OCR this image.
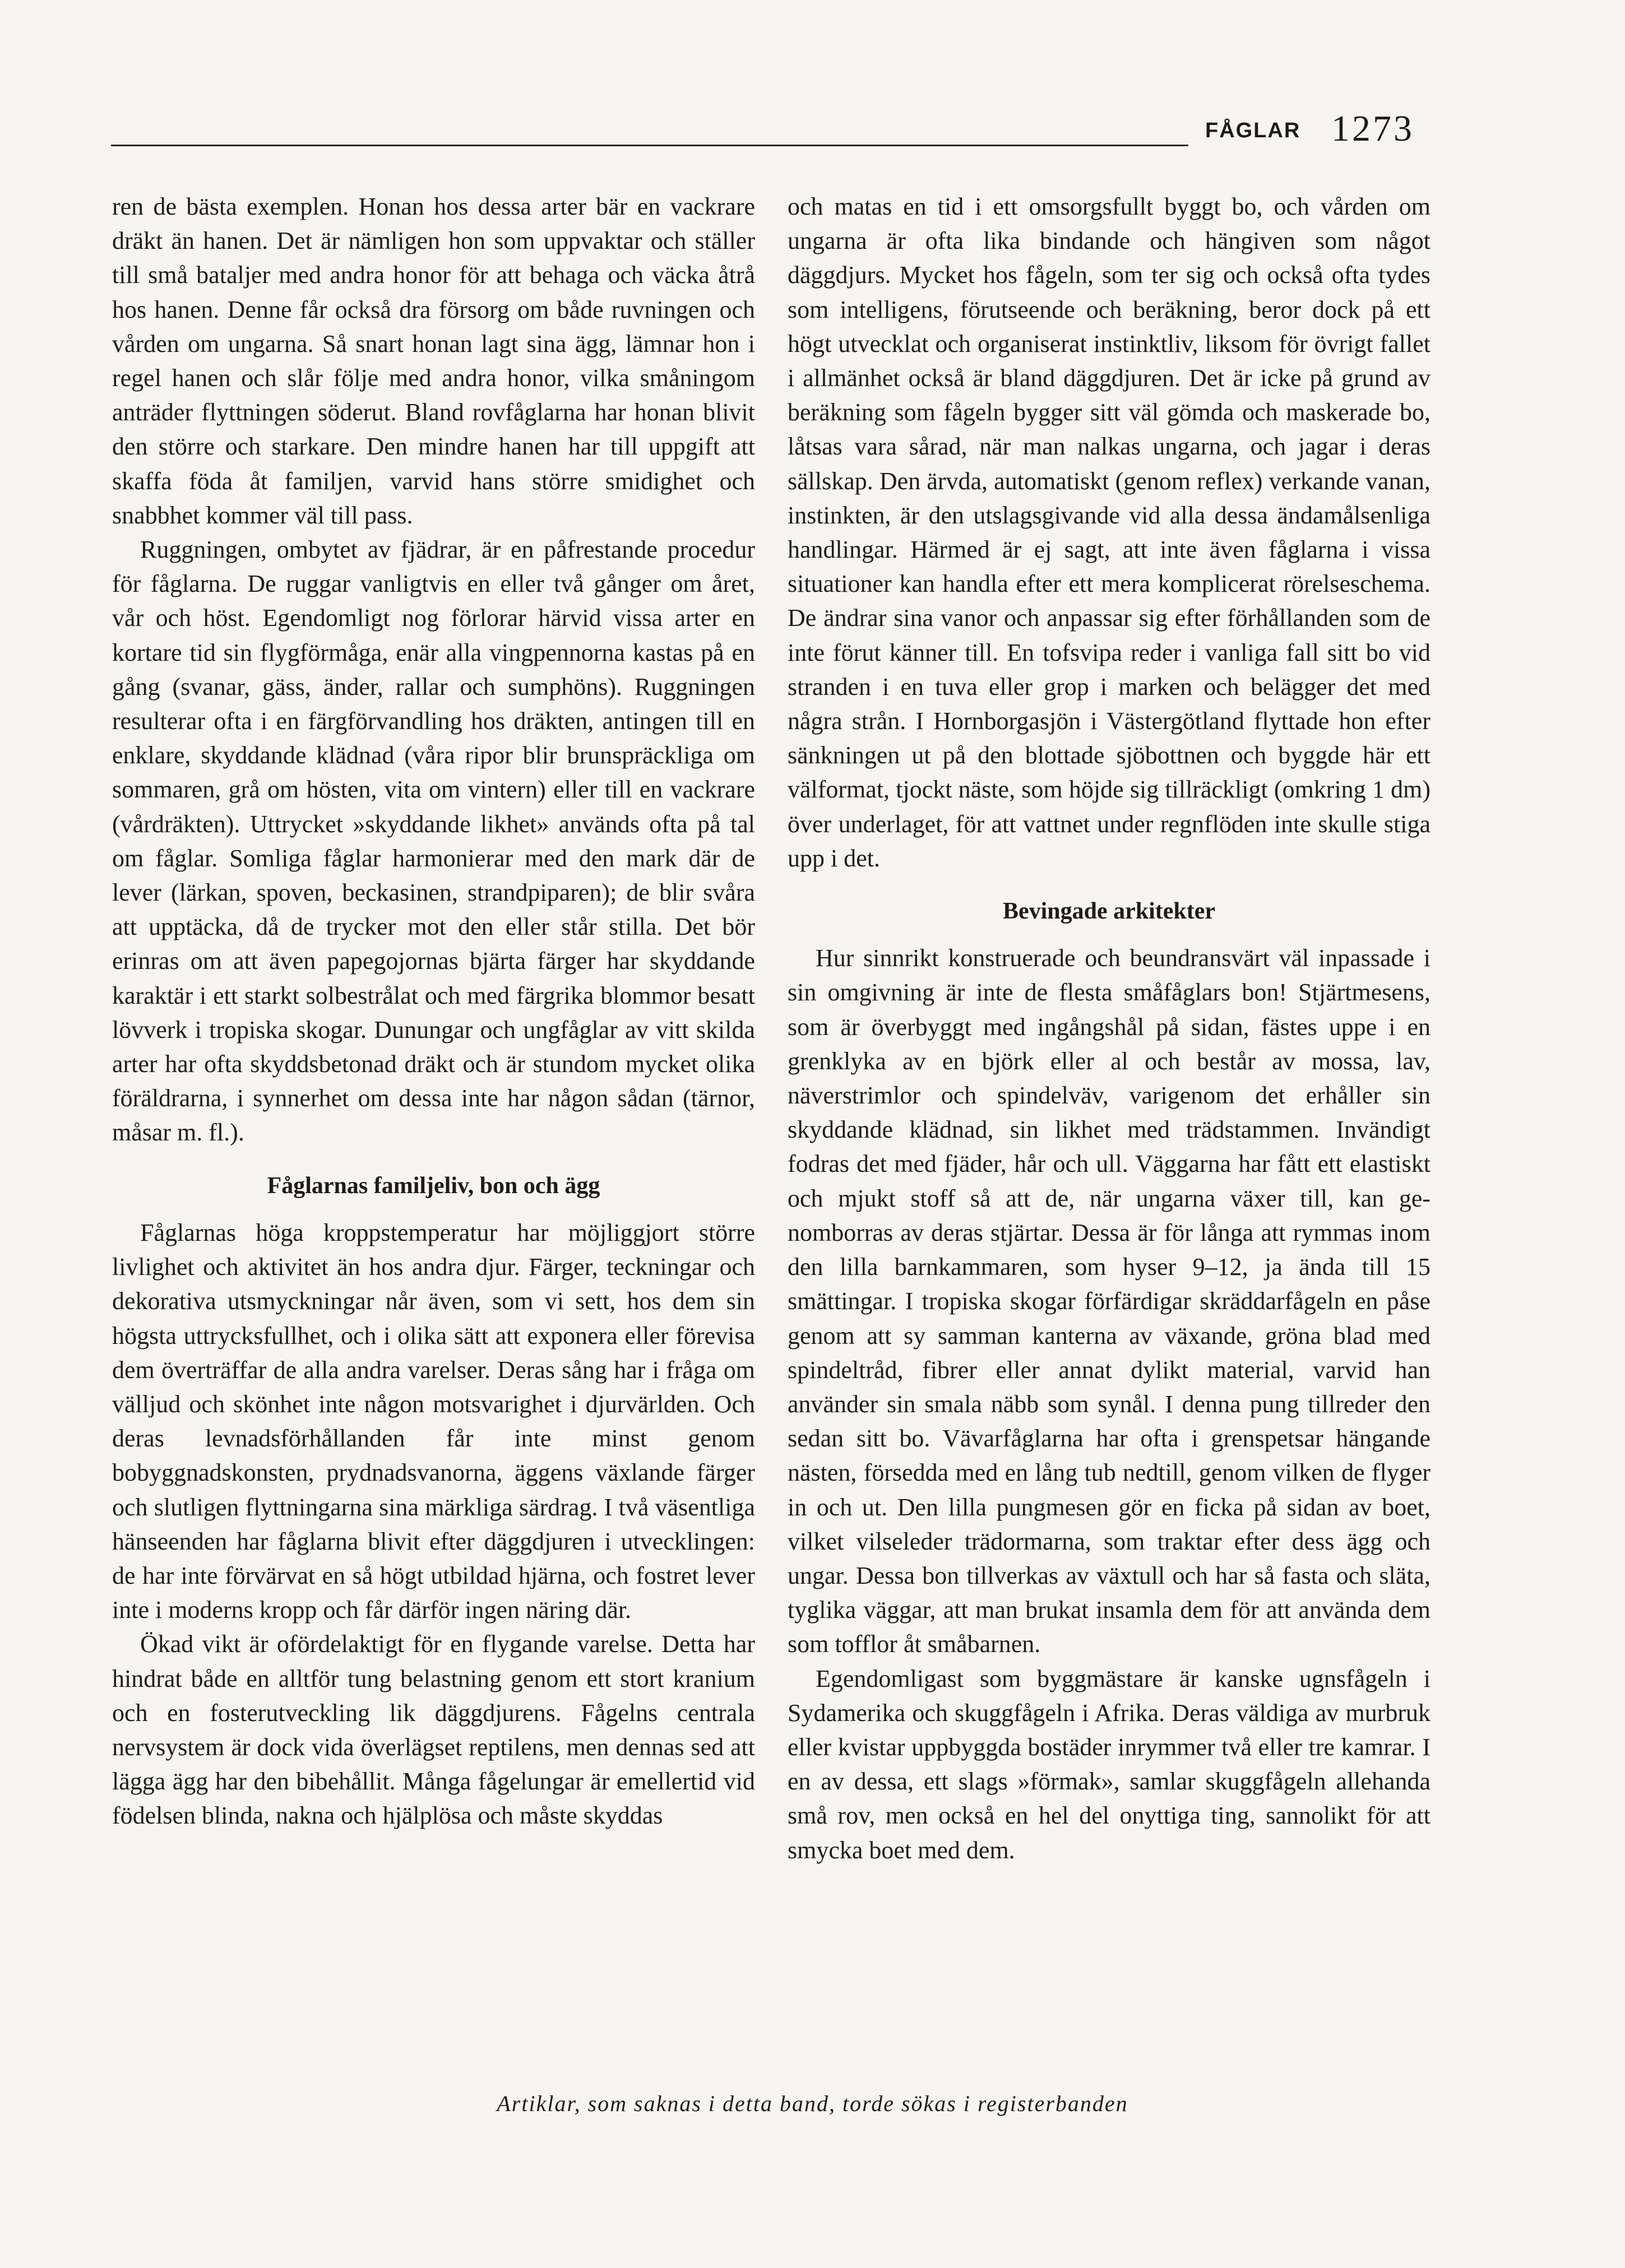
FÅGLAR 1273

ren de bästa exemplen. Honan hos dessa arter bär en vackrare dräkt än hanen. Det är nämligen hon som uppvaktar och ställer till små bataljer med andra honor för att behaga och väcka åtrå hos hanen. Denne får också dra försorg om både ruvningen och vården om ungarna. Så snart honan lagt sina ägg, lämnar hon i regel hanen och slår följe med andra honor, vilka småningom anträder flyttningen söderut. Bland rovfåglarna har honan blivit den större och starkare. Den mindre hanen har till uppgift att skaffa föda åt familjen, varvid hans större smidighet och snabbhet kommer väl till pass.

Ruggningen, ombytet av fjädrar, är en påfrestande procedur för fåglarna. De ruggar vanligtvis en eller två gånger om året, vår och höst. Egendomligt nog förlorar härvid vissa arter en kortare tid sin flygförmåga, enär alla vingpennorna kastas på en gång (svanar, gäss, änder, rallar och sumphöns). Ruggningen resulterar ofta i en färgförvandling hos dräkten, antingen till en enklare, skyddande klädnad (våra ripor blir brunspräckliga om sommaren, grå om hösten, vita om vintern) eller till en vackrare (vårdräkten). Uttrycket »skyddande likhet» används ofta på tal om fåglar. Somliga fåglar harmonierar med den mark där de lever (lärkan, spoven, beckasinen, strandpiparen); de blir svåra att upptäcka, då de trycker mot den eller står stilla. Det bör erinras om att även papegojornas bjärta färger har skyddande karaktär i ett starkt solbestrålat och med färgrika blommor besatt lövverk i tropiska skogar. Dunungar och ungfåglar av vitt skilda arter har ofta skyddsbetonad dräkt och är stundom mycket olika föräldrarna, i synnerhet om dessa inte har någon sådan (tärnor, måsar m. fl.).

Fåglarnas familjeliv, bon och ägg

Fåglarnas höga kroppstemperatur har möjliggjort större livlighet och aktivitet än hos andra djur. Färger, teckningar och dekorativa utsmyckningar når även, som vi sett, hos dem sin högsta uttrycksfullhet, och i olika sätt att exponera eller förevisa dem överträffar de alla andra varelser. Deras sång har i fråga om välljud och skönhet inte någon motsvarighet i djurvärlden. Och deras levnadsförhållanden får inte minst genom bobyggnadskonsten, prydnadsvanorna, äggens växlande färger och slutligen flyttningarna sina märkliga särdrag. I två väsentliga hänseenden har fåglarna blivit efter däggdjuren i utvecklingen: de har inte förvärvat en så högt utbildad hjärna, och fostret lever inte i moderns kropp och får därför ingen näring där.

Ökad vikt är ofördelaktigt för en flygande varelse. Detta har hindrat både en alltför tung belastning genom ett stort kranium och en fosterutveckling lik däggdjurens. Fågelns centrala nervsystem är dock vida överlägset reptilens, men dennas sed att lägga ägg har den bibehållit. Många fågelungar är emellertid vid födelsen blinda, nakna och hjälplösa och måste skyddas

och matas en tid i ett omsorgsfullt byggt bo, och vården om ungarna är ofta lika bindande och hängiven som något däggdjurs. Mycket hos fågeln, som ter sig och också ofta tydes som intelligens, förutseende och beräkning, beror dock på ett högt utvecklat och organiserat instinktliv, liksom för övrigt fallet i allmänhet också är bland däggdjuren. Det är icke på grund av beräkning som fågeln bygger sitt väl gömda och maskerade bo, låtsas vara sårad, när man nalkas ungarna, och jagar i deras sällskap. Den ärvda, automatiskt (genom reflex) verkande vanan, instinkten, är den utslagsgivande vid alla dessa ändamålsenliga handlingar. Härmed är ej sagt, att inte även fåglarna i vissa situationer kan handla efter ett mera komplicerat rörelseschema. De ändrar sina vanor och anpassar sig efter förhållanden som de inte förut känner till. En tofsvipa reder i vanliga fall sitt bo vid stranden i en tuva eller grop i marken och belägger det med några strån. I Hornborgasjön i Västergötland flyttade hon efter sänkningen ut på den blottade sjöbottnen och byggde här ett välformat, tjockt näste, som höjde sig tillräckligt (omkring 1 dm) över underlaget, för att vattnet under regnflöden inte skulle stiga upp i det.

Bevingade arkitekter

Hur sinnrikt konstruerade och beundransvärt väl inpassade i sin omgivning är inte de flesta småfåglars bon! Stjärtmesens, som är överbyggt med ingångshål på sidan, fästes uppe i en grenklyka av en björk eller al och består av mossa, lav, näverstrimlor och spindelväv, varigenom det erhåller sin skyddande klädnad, sin likhet med trädstammen. Invändigt fodras det med fjäder, hår och ull. Väggarna har fått ett elastiskt och mjukt stoff så att de, när ungarna växer till, kan genomborras av deras stjärtar. Dessa är för långa att rymmas inom den lilla barnkammaren, som hyser 9–12, ja ända till 15 smättingar. I tropiska skogar förfärdigar skräddarfågeln en påse genom att sy samman kanterna av växande, gröna blad med spindeltråd, fibrer eller annat dylikt material, varvid han använder sin smala näbb som synål. I denna pung tillreder den sedan sitt bo. Vävarfåglarna har ofta i grenspetsar hängande nästen, försedda med en lång tub nedtill, genom vilken de flyger in och ut. Den lilla pungmesen gör en ficka på sidan av boet, vilket vilseleder trädormarna, som traktar efter dess ägg och ungar. Dessa bon tillverkas av växtull och har så fasta och släta, tyglika väggar, att man brukat insamla dem för att använda dem som tofflor åt småbarnen.

Egendomligast som byggmästare är kanske ugnsfågeln i Sydamerika och skuggfågeln i Afrika. Deras väldiga av murbruk eller kvistar uppbyggda bostäder inrymmer två eller tre kamrar. I en av dessa, ett slags »förmak», samlar skuggfågeln allehanda små rov, men också en hel del onyttiga ting, sannolikt för att smycka boet med dem.

Artiklar, som saknas i detta band, torde sökas i registerbanden
